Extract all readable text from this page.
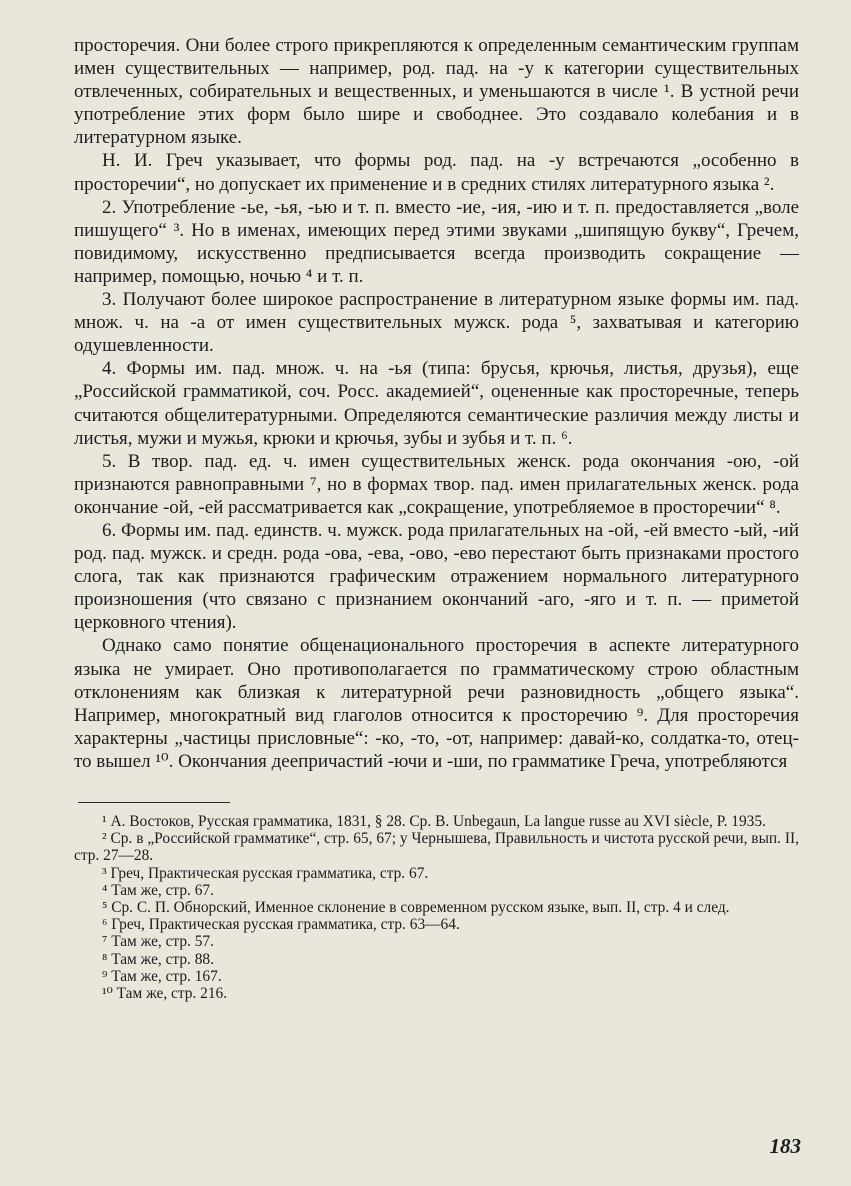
просторечия. Они более строго прикрепляются к определенным семантическим группам имен существительных — например, род. пад. на -у к категории существительных отвлеченных, собирательных и вещественных, и уменьшаются в числе ¹. В устной речи употребление этих форм было шире и свободнее. Это создавало колебания и в литературном языке.

Н. И. Греч указывает, что формы род. пад. на -у встречаются „особенно в просторечии“, но допускает их применение и в средних стилях литературного языка ².

2. Употребление -ье, -ья, -ью и т. п. вместо -ие, -ия, -ию и т. п. предоставляется „воле пишущего“ ³. Но в именах, имеющих перед этими звуками „шипящую букву“, Гречем, повидимому, искусственно предписывается всегда производить сокращение — например, помощью, ночью ⁴ и т. п.

3. Получают более широкое распространение в литературном языке формы им. пад. множ. ч. на -а от имен существительных мужск. рода ⁵, захватывая и категорию одушевленности.

4. Формы им. пад. множ. ч. на -ья (типа: брусья, крючья, листья, друзья), еще „Российской грамматикой, соч. Росс. академией“, оцененные как просторечные, теперь считаются общелитературными. Определяются семантические различия между листы и листья, мужи и мужья, крюки и крючья, зубы и зубья и т. п. ⁶.

5. В твор. пад. ед. ч. имен существительных женск. рода окончания -ою, -ой признаются равноправными ⁷, но в формах твор. пад. имен прилагательных женск. рода окончание -ой, -ей рассматривается как „сокращение, употребляемое в просторечии“ ⁸.

6. Формы им. пад. единств. ч. мужск. рода прилагательных на -ой, -ей вместо -ый, -ий род. пад. мужск. и средн. рода -ова, -ева, -ово, -ево перестают быть признаками простого слога, так как признаются графическим отражением нормального литературного произношения (что связано с признанием окончаний -аго, -яго и т. п. — приметой церковного чтения).

Однако само понятие общенационального просторечия в аспекте литературного языка не умирает. Оно противополагается по грамматическому строю областным отклонениям как близкая к литературной речи разновидность „общего языка“. Например, многократный вид глаголов относится к просторечию ⁹. Для просторечия характерны „частицы присловные“: -ко, -то, -от, например: давай-ко, солдатка-то, отец-то вышел ¹⁰. Окончания деепричастий -ючи и -ши, по грамматике Греча, употребляются

¹ А. Востоков, Русская грамматика, 1831, § 28. Ср. B. Unbegaun, La langue russe au XVI siècle, P. 1935.

² Ср. в „Российской грамматике“, стр. 65, 67; у Чернышева, Правильность и чистота русской речи, вып. II, стр. 27—28.

³ Греч, Практическая русская грамматика, стр. 67.

⁴ Там же, стр. 67.

⁵ Ср. С. П. Обнорский, Именное склонение в современном русском языке, вып. II, стр. 4 и след.

⁶ Греч, Практическая русская грамматика, стр. 63—64.

⁷ Там же, стр. 57.

⁸ Там же, стр. 88.

⁹ Там же, стр. 167.

¹⁰ Там же, стр. 216.

183
